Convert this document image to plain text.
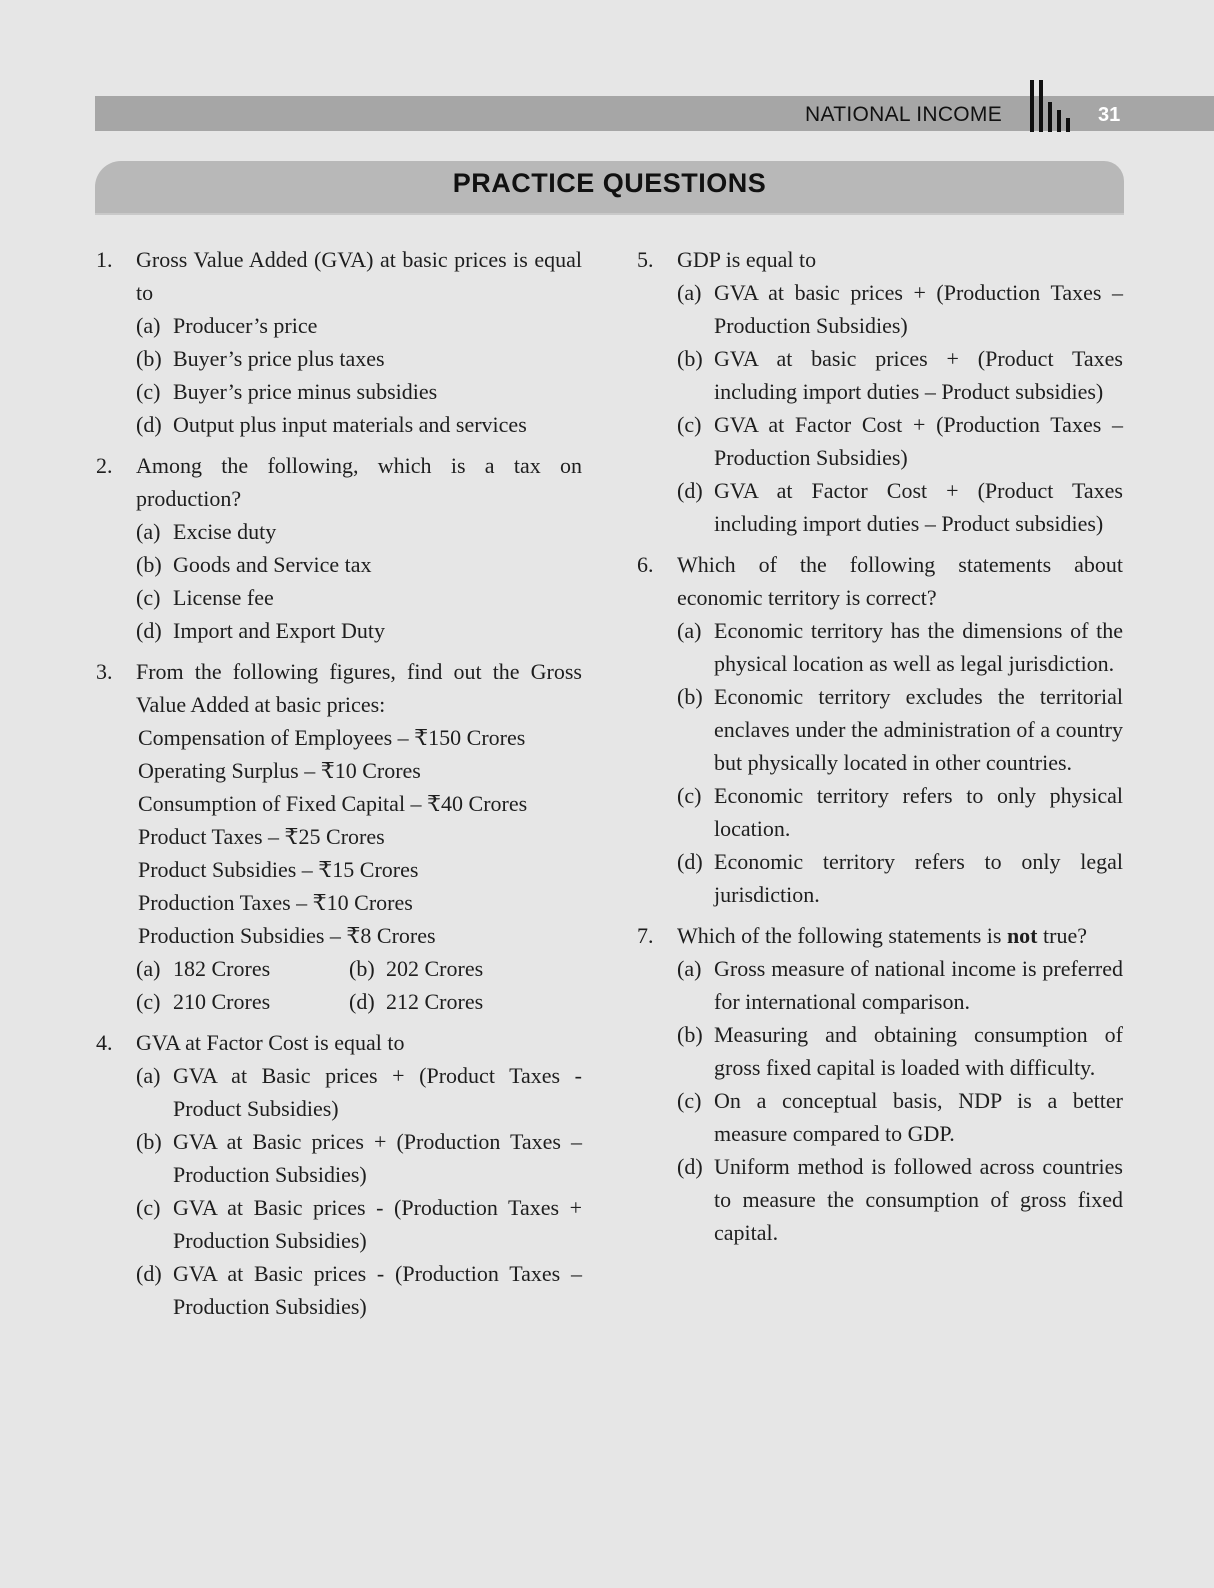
NATIONAL INCOME	31
PRACTICE QUESTIONS
1. Gross Value Added (GVA) at basic prices is equal to
(a) Producer’s price
(b) Buyer’s price plus taxes
(c) Buyer’s price minus subsidies
(d) Output plus input materials and services
2. Among the following, which is a tax on production?
(a) Excise duty
(b) Goods and Service tax
(c) License fee
(d) Import and Export Duty
3. From the following figures, find out the Gross Value Added at basic prices:
Compensation of Employees – ₹150 Crores
Operating Surplus – ₹10 Crores
Consumption of Fixed Capital – ₹40 Crores
Product Taxes – ₹25 Crores
Product Subsidies – ₹15 Crores
Production Taxes – ₹10 Crores
Production Subsidies – ₹8 Crores
(a) 182 Crores	(b) 202 Crores
(c) 210 Crores	(d) 212 Crores
4. GVA at Factor Cost is equal to
(a) GVA at Basic prices + (Product Taxes - Product Subsidies)
(b) GVA at Basic prices + (Production Taxes – Production Subsidies)
(c) GVA at Basic prices - (Production Taxes + Production Subsidies)
(d) GVA at Basic prices - (Production Taxes – Production Subsidies)
5. GDP is equal to
(a) GVA at basic prices + (Production Taxes – Production Subsidies)
(b) GVA at basic prices + (Product Taxes including import duties – Product subsidies)
(c) GVA at Factor Cost + (Production Taxes – Production Subsidies)
(d) GVA at Factor Cost + (Product Taxes including import duties – Product subsidies)
6. Which of the following statements about economic territory is correct?
(a) Economic territory has the dimensions of the physical location as well as legal jurisdiction.
(b) Economic territory excludes the territorial enclaves under the administration of a country but physically located in other countries.
(c) Economic territory refers to only physical location.
(d) Economic territory refers to only legal jurisdiction.
7. Which of the following statements is not true?
(a) Gross measure of national income is preferred for international comparison.
(b) Measuring and obtaining consumption of gross fixed capital is loaded with difficulty.
(c) On a conceptual basis, NDP is a better measure compared to GDP.
(d) Uniform method is followed across countries to measure the consumption of gross fixed capital.
